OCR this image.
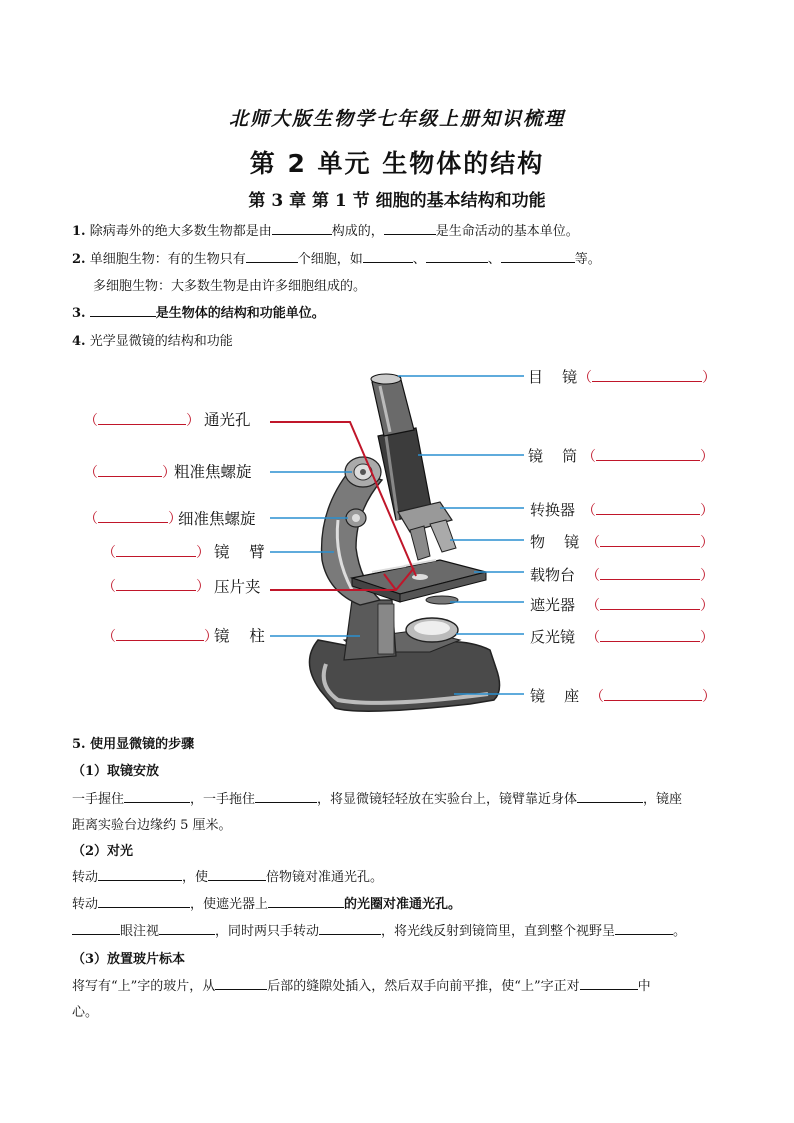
北师大版生物学七年级上册知识梳理
第 2 单元 生物体的结构
第 3 章 第 1 节 细胞的基本结构和功能
1. 除病毒外的绝大多数生物都是由	构成的，	是生命活动的基本单位。
2. 单细胞生物：有的生物只有	个细胞，如	、	、	等。
多细胞生物：大多数生物是由许多细胞组成的。
3.	是生物体的结构和功能单位。
4. 光学显微镜的结构和功能
（	） 通光孔
（	）
粗准焦螺旋
（	）
细准焦螺旋
（	） 镜    臂
（	） 压片夹
（	）
镜    柱
目    镜 （	）
镜    筒 （	）
转换器 （	）
物    镜 （	）
载物台 （	）
遮光器 （	）
反光镜 （	）
镜    座 （	）
5. 使用显微镜的步骤
（1）取镜安放
一手握住	，一手拖住	，将显微镜轻轻放在实验台上，镜臂靠近身体	，镜座
距离实验台边缘约 5 厘米。
（2）对光
转动	，使	倍物镜对准通光孔。
转动	，使遮光器上	的光圈对准通光孔。
眼注视	，同时两只手转动	，将光线反射到镜筒里，直到整个视野呈	。
（3）放置玻片标本
将写有“上”字的玻片，从	后部的缝隙处插入，然后双手向前平推，使“上”字正对	中
心。
